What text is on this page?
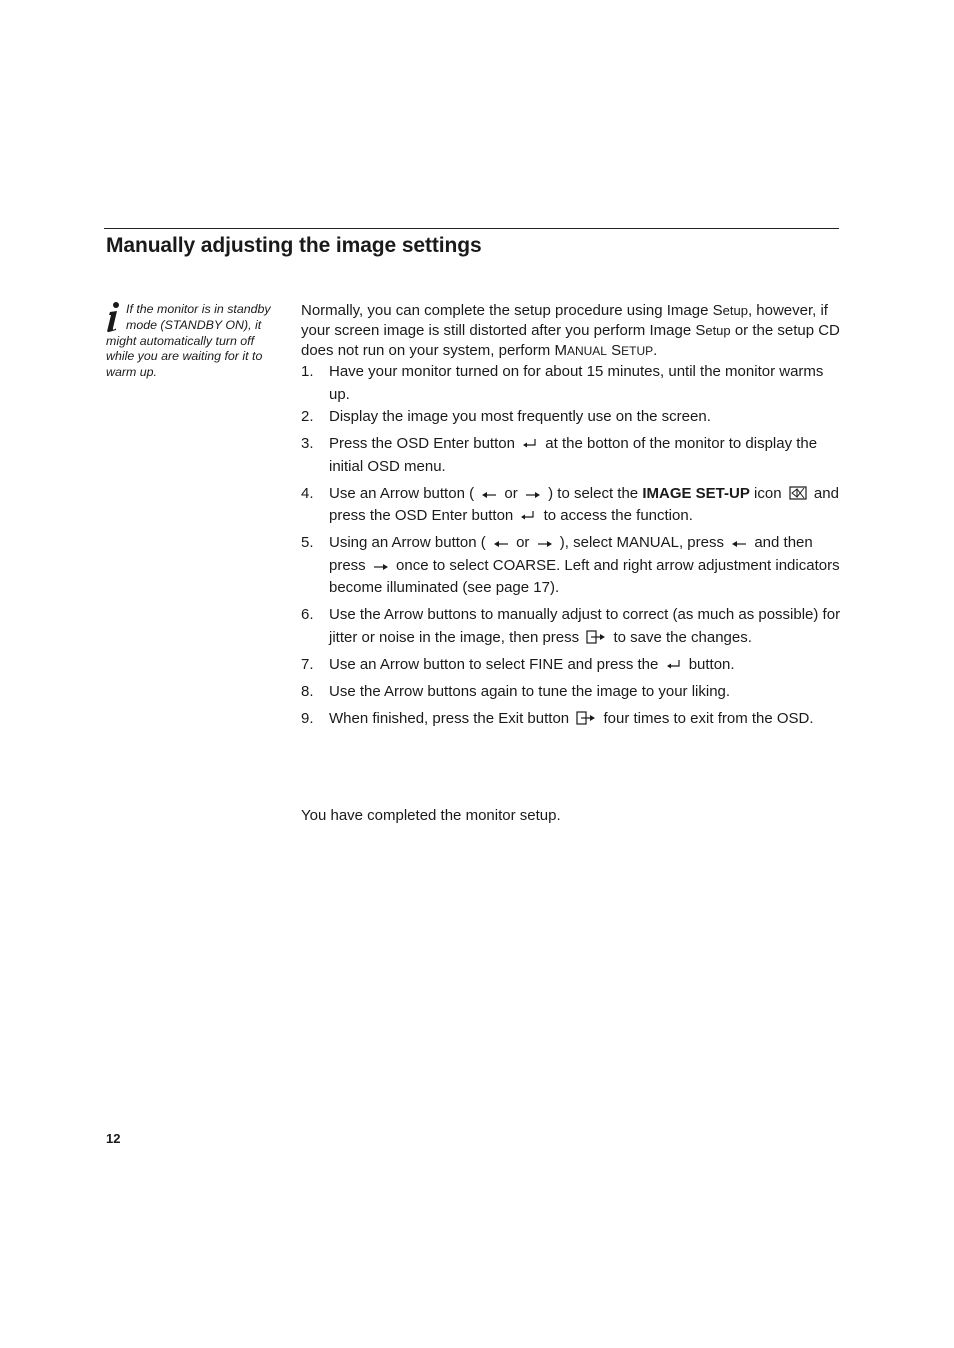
Manually adjusting the image settings
If the monitor is in standby
mode (STANDBY ON), it might automatically turn off while you are waiting for it to warm up.

Normally, you can complete the setup procedure using Image Setup, however, if your screen image is still distorted after you perform Image Setup or the setup CD does not run on your system, perform MANUAL SETUP.

1. Have your monitor turned on for about 15 minutes, until the monitor warms up.
2. Display the image you most frequently use on the screen.
3. Press the OSD Enter button at the botton of the monitor to display the initial OSD menu.
4. Use an Arrow button ( or ) to select the IMAGE SET-UP icon and press the OSD Enter button to access the function.
5. Using an Arrow button ( or ), select MANUAL, press and then press once to select COARSE. Left and right arrow adjustment indicators become illuminated (see page 17).
6. Use the Arrow buttons to manually adjust to correct (as much as possible) for jitter or noise in the image, then press to save the changes.
7. Use an Arrow button to select FINE and press the button.
8. Use the Arrow buttons again to tune the image to your liking.
9. When finished, press the Exit button four times to exit from the OSD.

You have completed the monitor setup.

12
